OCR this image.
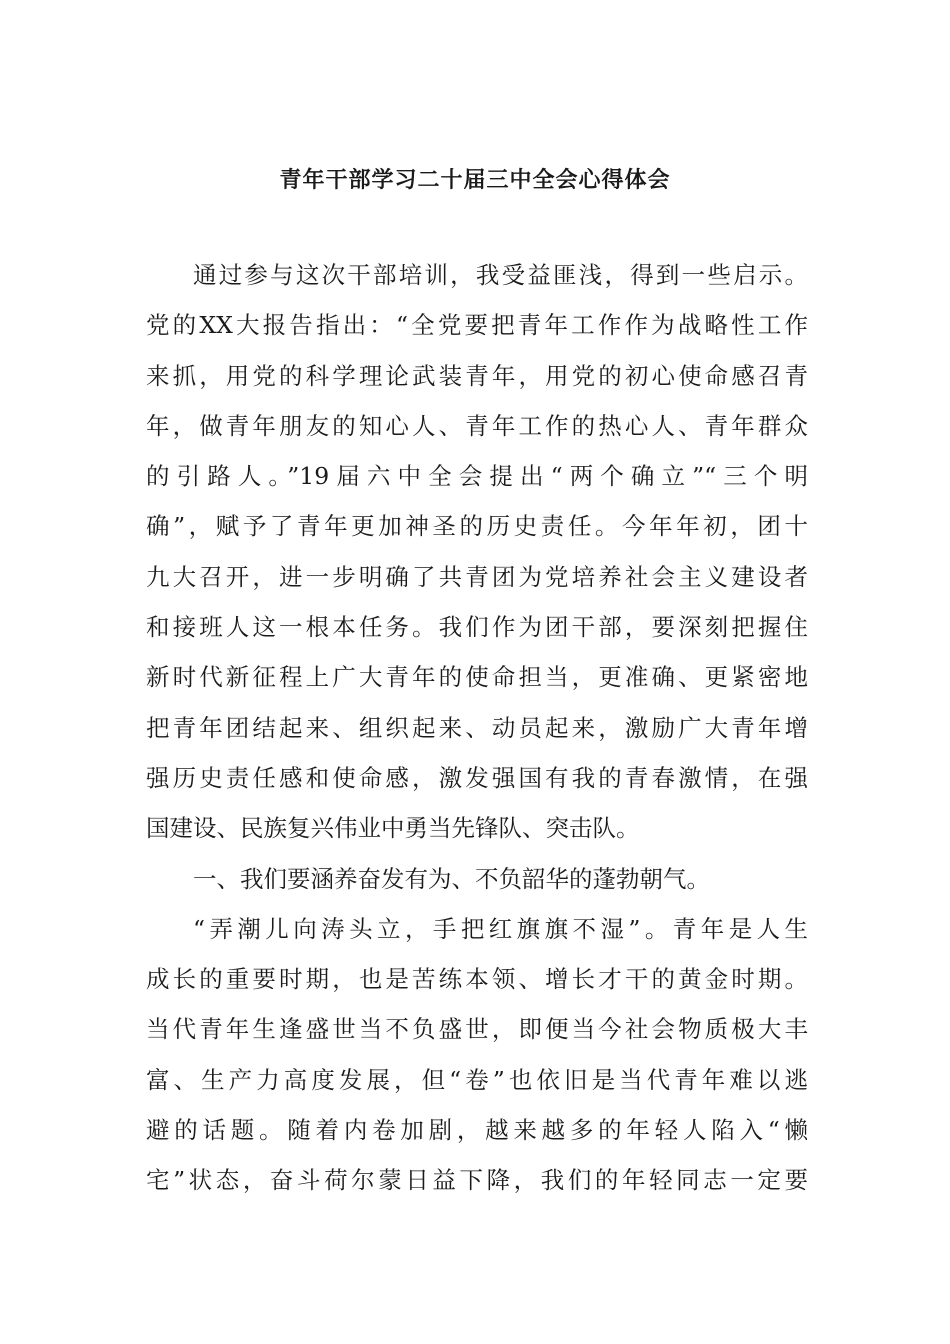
青年干部学习二十届三中全会心得体会
通过参与这次干部培训，我受益匪浅，得到一些启示。
党的XX大报告指出：“全党要把青年工作作为战略性工作
来抓，用党的科学理论武装青年，用党的初心使命感召青
年，做青年朋友的知心人、青年工作的热心人、青年群众
的引路人。”19届六中全会提出“两个确立”“三个明
确”，赋予了青年更加神圣的历史责任。今年年初，团十
九大召开，进一步明确了共青团为党培养社会主义建设者
和接班人这一根本任务。我们作为团干部，要深刻把握住
新时代新征程上广大青年的使命担当，更准确、更紧密地
把青年团结起来、组织起来、动员起来，激励广大青年增
强历史责任感和使命感，激发强国有我的青春激情，在强
国建设、民族复兴伟业中勇当先锋队、突击队。
一、我们要涵养奋发有为、不负韶华的蓬勃朝气。
“弄潮儿向涛头立，手把红旗旗不湿”。青年是人生
成长的重要时期，也是苦练本领、增长才干的黄金时期。
当代青年生逢盛世当不负盛世，即便当今社会物质极大丰
富、生产力高度发展，但“卷”也依旧是当代青年难以逃
避的话题。随着内卷加剧，越来越多的年轻人陷入“懒
宅”状态，奋斗荷尔蒙日益下降，我们的年轻同志一定要
